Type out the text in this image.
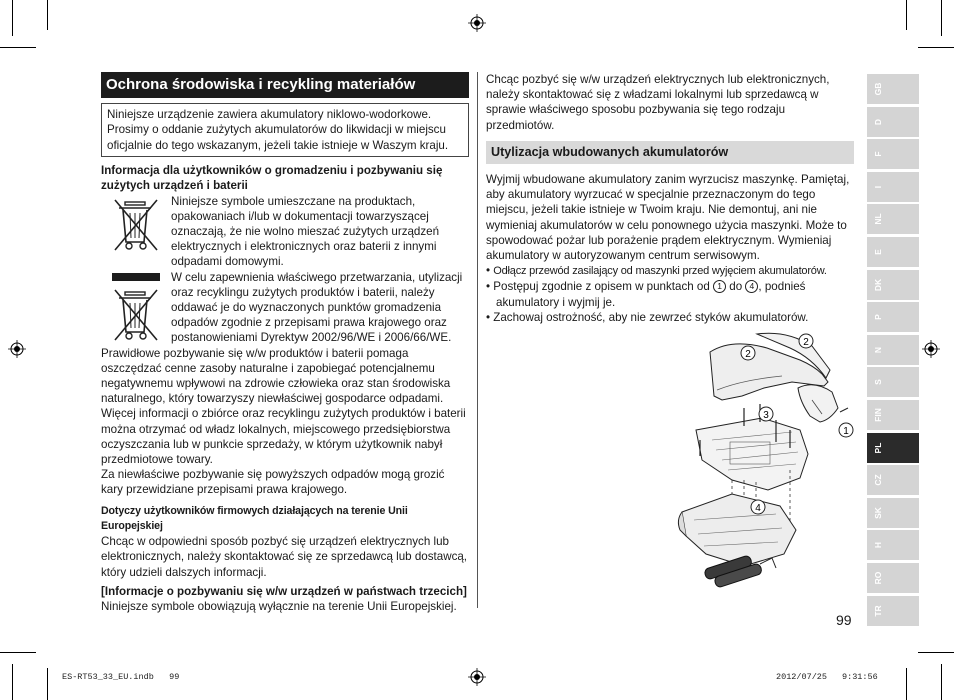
Ochrona środowiska i recykling materiałów
Niniejsze urządzenie zawiera akumulatory niklowo-wodorkowe. Prosimy o oddanie zużytych akumulatorów do likwidacji w miejscu oficjalnie do tego wskazanym, jeżeli takie istnieje w Waszym kraju.

Informacja dla użytkowników o gromadzeniu i pozbywaniu się zużytych urządzeń i baterii

Niniejsze symbole umieszczane na produktach, opakowaniach i/lub w dokumentacji towarzyszącej oznaczają, że nie wolno mieszać zużytych urządzeń elektrycznych i elektronicznych oraz baterii z innymi odpadami domowymi.
W celu zapewnienia właściwego przetwarzania, utylizacji oraz recyklingu zużytych produktów i baterii, należy oddawać je do wyznaczonych punktów gromadzenia odpadów zgodnie z przepisami prawa krajowego oraz postanowieniami Dyrektyw 2002/96/WE i 2006/66/WE.

Prawidłowe pozbywanie się w/w produktów i baterii pomaga oszczędzać cenne zasoby naturalne i zapobiegać potencjalnemu negatywnemu wpływowi na zdrowie człowieka oraz stan środowiska naturalnego, który towarzyszy niewłaściwej gospodarce odpadami. Więcej informacji o zbiórce oraz recyklingu zużytych produktów i baterii można otrzymać od władz lokalnych, miejscowego przedsiębiorstwa oczyszczania lub w punkcie sprzedaży, w którym użytkownik nabył przedmiotowe towary.

Za niewłaściwe pozbywanie się powyższych odpadów mogą grozić kary przewidziane przepisami prawa krajowego.

Dotyczy użytkowników firmowych działających na terenie Unii Europejskiej

Chcąc w odpowiedni sposób pozbyć się urządzeń elektrycznych lub elektronicznych, należy skontaktować się ze sprzedawcą lub dostawcą, który udzieli dalszych informacji.

[Informacje o pozbywaniu się w/w urządzeń w państwach trzecich]

Niniejsze symbole obowiązują wyłącznie na terenie Unii Europejskiej.

Chcąc pozbyć się w/w urządzeń elektrycznych lub elektronicznych, należy skontaktować się z władzami lokalnymi lub sprzedawcą w sprawie właściwego sposobu pozbywania się tego rodzaju przedmiotów.

Utylizacja wbudowanych akumulatorów

Wyjmij wbudowane akumulatory zanim wyrzucisz maszynkę. Pamiętaj, aby akumulatory wyrzucać w specjalnie przeznaczonym do tego miejscu, jeżeli takie istnieje w Twoim kraju. Nie demontuj, ani nie wymieniaj akumulatorów w celu ponownego użycia maszynki. Może to spowodować pożar lub porażenie prądem elektrycznym. Wymieniaj akumulatory w autoryzowanym centrum serwisowym.

• Odłącz przewód zasilający od maszynki przed wyjęciem akumulatorów.

• Postępuj zgodnie z opisem w punktach od 1 do 4 , podnieś akumulatory i wyjmij je.

• Zachowaj ostrożność, aby nie zewrzeć styków akumulatorów.

2
2
3
1
4
GB
D
F
I
NL
E
DK
P
N
S
FIN
PL
CZ
SK
H
RO
TR
99
ES-RT53_33_EU.indb   99	2012/07/25 9:31:56
